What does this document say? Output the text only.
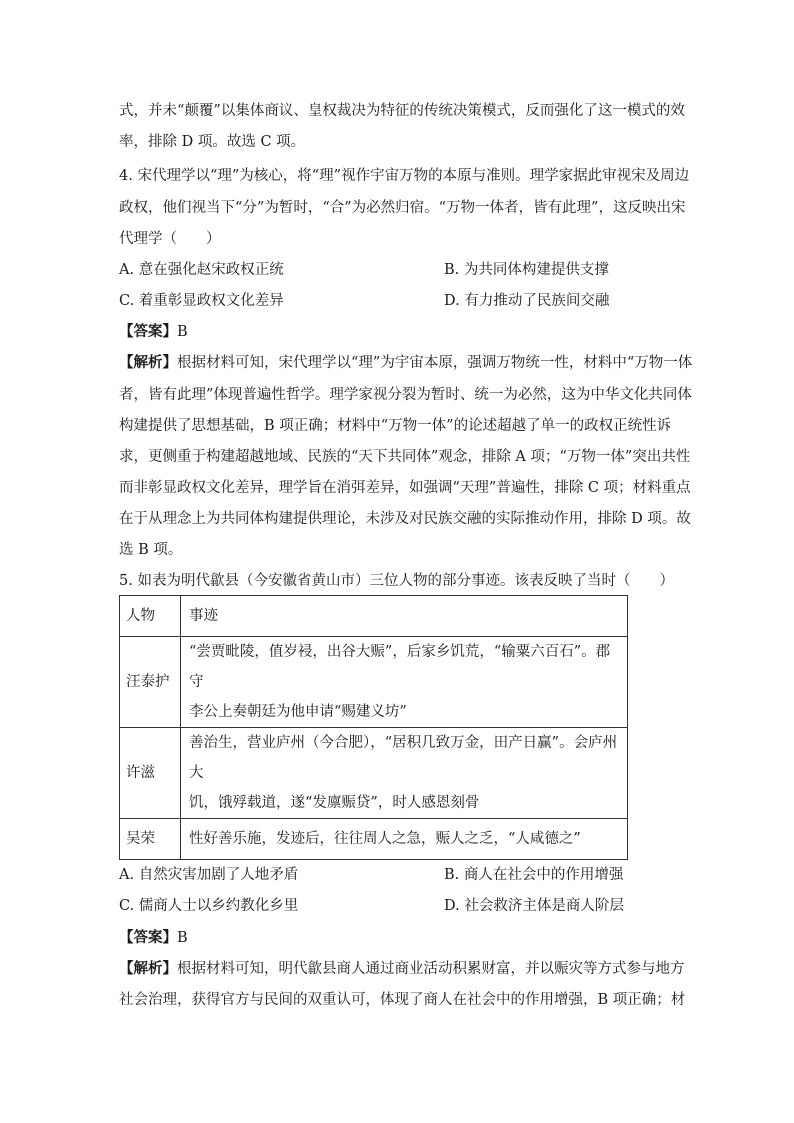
式，并未“颠覆”以集体商议、皇权裁决为特征的传统决策模式，反而强化了这一模式的效
率，排除 D 项。故选 C 项。
4. 宋代理学以“理”为核心，将“理”视作宇宙万物的本原与准则。理学家据此审视宋及周边
政权，他们视当下“分”为暂时，“合”为必然归宿。“万物一体者，皆有此理”，这反映出宋
代理学（　　）
A. 意在强化赵宋政权正统	B. 为共同体构建提供支撑
C. 着重彰显政权文化差异	D. 有力推动了民族间交融
【答案】B
【解析】根据材料可知，宋代理学以“理”为宇宙本原，强调万物统一性，材料中“万物一体
者，皆有此理”体现普遍性哲学。理学家视分裂为暂时、统一为必然，这为中华文化共同体
构建提供了思想基础，B 项正确；材料中“万物一体”的论述超越了单一的政权正统性诉
求，更侧重于构建超越地域、民族的“天下共同体”观念，排除 A 项；“万物一体”突出共性
而非彰显政权文化差异，理学旨在消弭差异，如强调“天理”普遍性，排除 C 项；材料重点
在于从理念上为共同体构建提供理论，未涉及对民族交融的实际推动作用，排除 D 项。故
选 B 项。
5. 如表为明代歙县（今安徽省黄山市）三位人物的部分事迹。该表反映了当时（　　）
人物	事迹
汪泰护	“尝贾毗陵，值岁祲，出谷大赈”，后家乡饥荒，“输粟六百石”。郡守
李公上奏朝廷为他申请“赐建义坊”

许滋	善治生，营业庐州（今合肥），“居积几致万金，田产日赢”。会庐州大
饥，饿殍载道，遂“发廪赈贷”，时人感恩刻骨

吴荣	性好善乐施，发迹后，往往周人之急，赈人之乏，“人咸德之”
A. 自然灾害加剧了人地矛盾	B. 商人在社会中的作用增强
C. 儒商人士以乡约教化乡里	D. 社会救济主体是商人阶层
【答案】B
【解析】根据材料可知，明代歙县商人通过商业活动积累财富，并以赈灾等方式参与地方
社会治理，获得官方与民间的双重认可，体现了商人在社会中的作用增强，B 项正确；材
